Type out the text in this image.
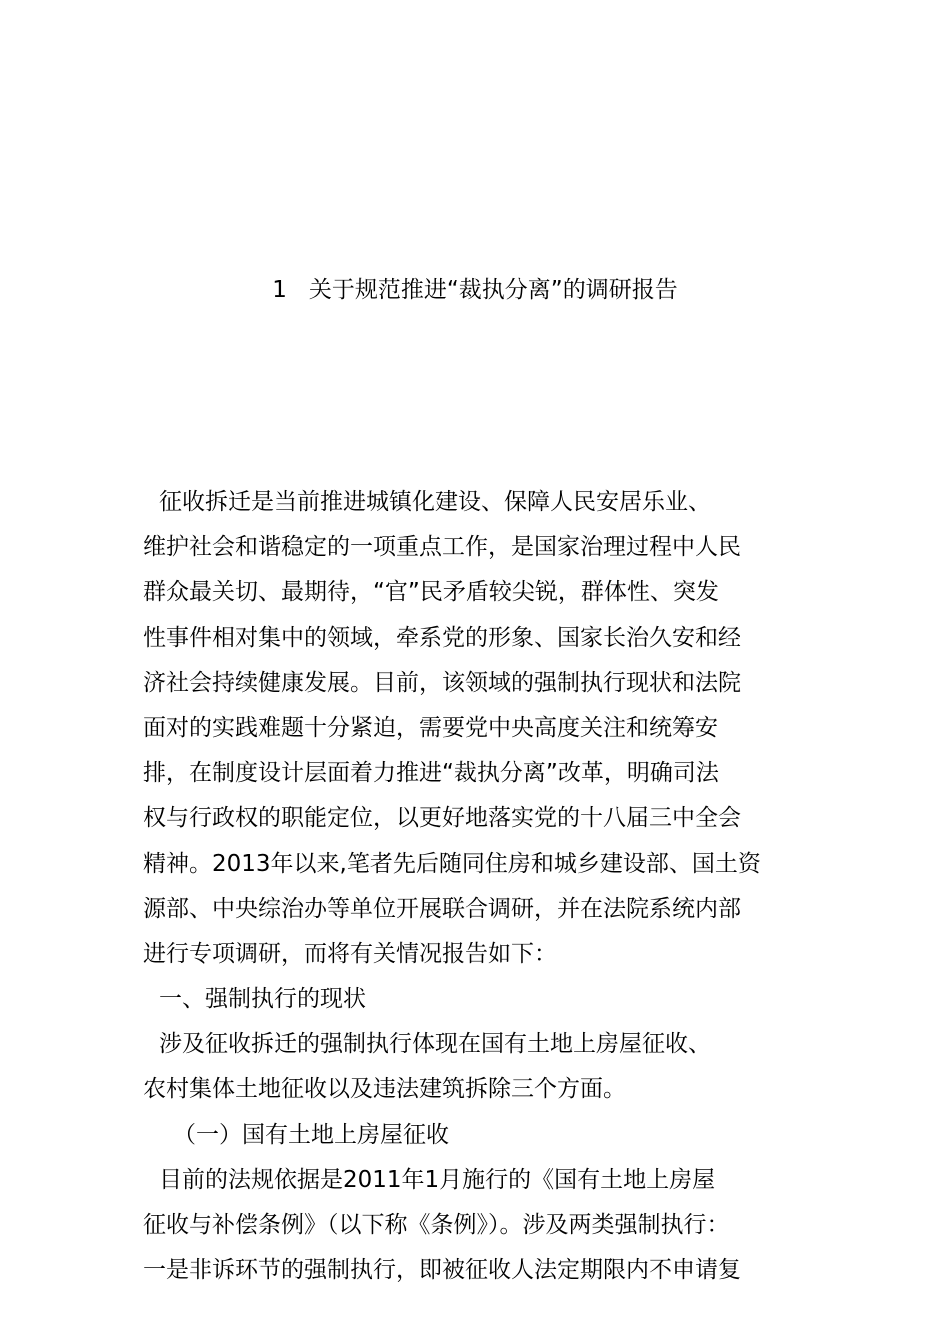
1 关于规范推进“裁执分离”的调研报告
征收拆迁是当前推进城镇化建设、保障人民安居乐业、
维护社会和谐稳定的一项重点工作，是国家治理过程中人民
群众最关切、最期待，“官”民矛盾较尖锐，群体性、突发
性事件相对集中的领域，牵系党的形象、国家长治久安和经
济社会持续健康发展。目前，该领域的强制执行现状和法院
面对的实践难题十分紧迫，需要党中央高度关注和统筹安
排，在制度设计层面着力推进“裁执分离”改革，明确司法
权与行政权的职能定位，以更好地落实党的十八届三中全会
精神。2013年以来,笔者先后随同住房和城乡建设部、国土资
源部、中央综治办等单位开展联合调研，并在法院系统内部
进行专项调研，而将有关情况报告如下：
一、强制执行的现状
涉及征收拆迁的强制执行体现在国有土地上房屋征收、
农村集体土地征收以及违法建筑拆除三个方面。
（一）国有土地上房屋征收
目前的法规依据是2011年1月施行的《国有土地上房屋
征收与补偿条例》（以下称《条例》）。涉及两类强制执行：
一是非诉环节的强制执行，即被征收人法定期限内不申请复
